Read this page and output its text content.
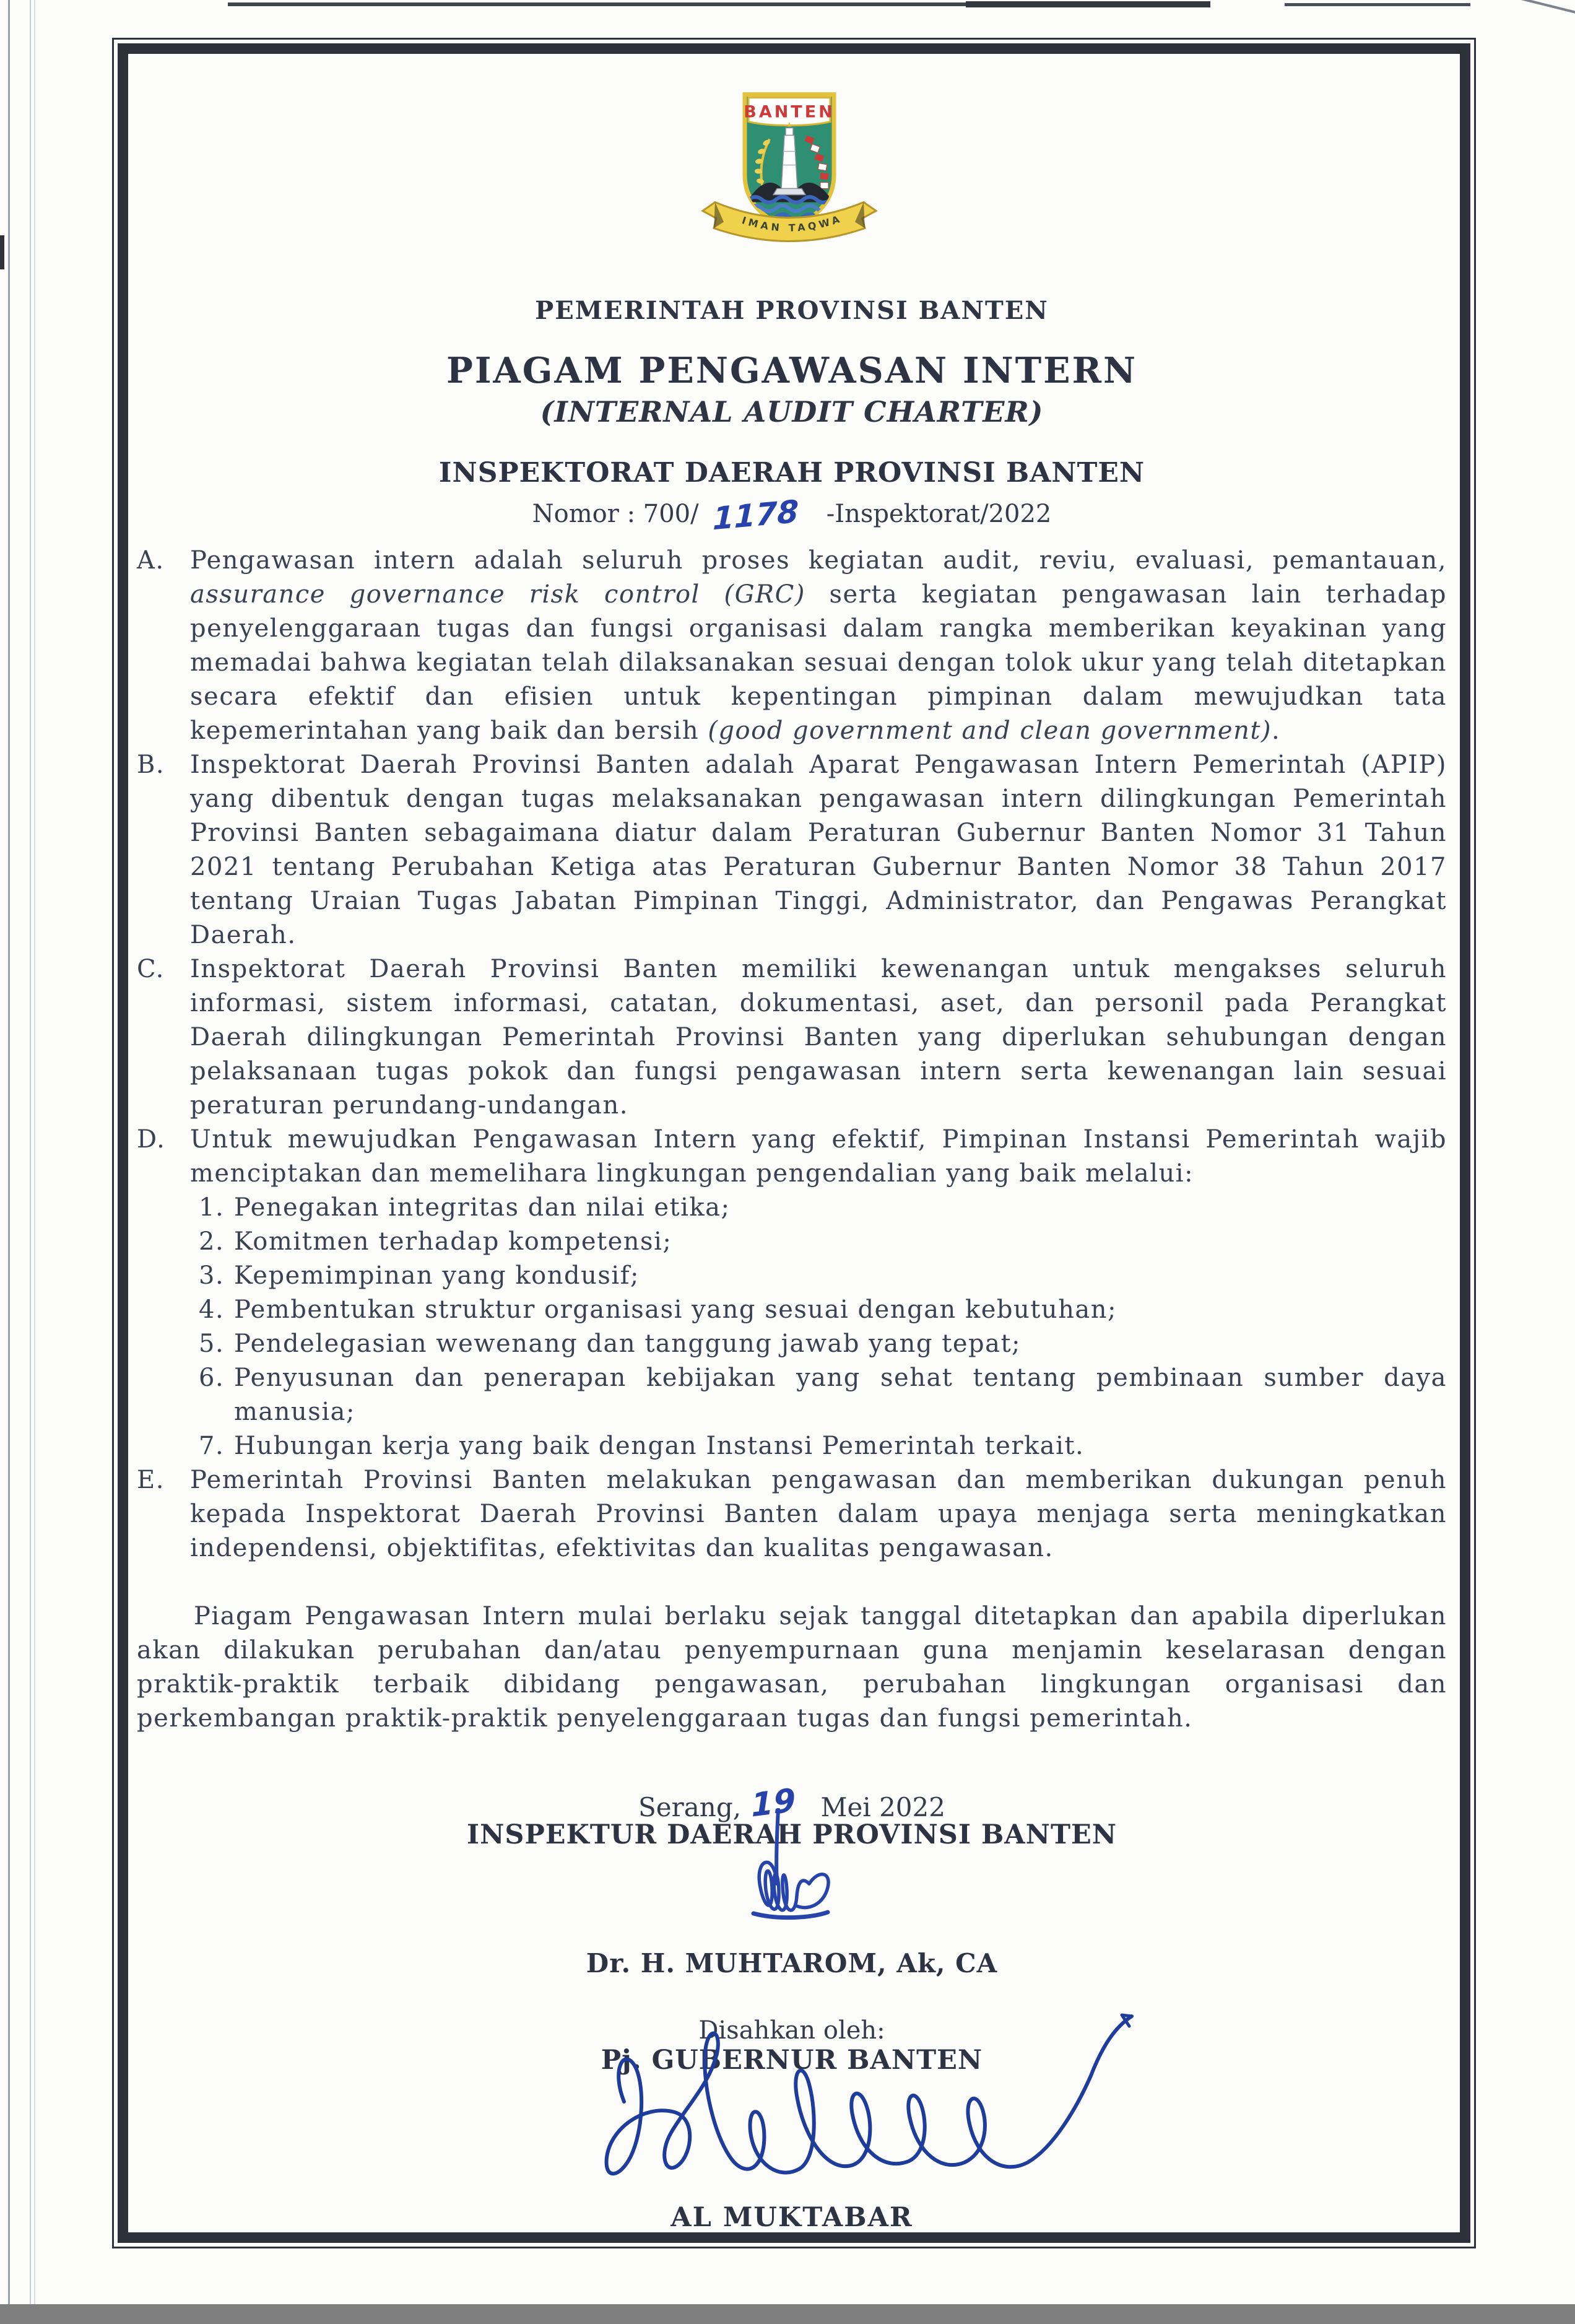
BANTEN
IMAN TAQWA
PEMERINTAH PROVINSI BANTEN
PIAGAM PENGAWASAN INTERN
(INTERNAL AUDIT CHARTER)
INSPEKTORAT DAERAH PROVINSI BANTEN
Nomor : 700/ 1178 -Inspektorat/2022
A.	Pengawasan intern adalah seluruh proses kegiatan audit, reviu, evaluasi, pemantauan, assurance governance risk control (GRC) serta kegiatan pengawasan lain terhadap penyelenggaraan tugas dan fungsi organisasi dalam rangka memberikan keyakinan yang memadai bahwa kegiatan telah dilaksanakan sesuai dengan tolok ukur yang telah ditetapkan secara efektif dan efisien untuk kepentingan pimpinan dalam mewujudkan tata kepemerintahan yang baik dan bersih (good government and clean government).
B.	Inspektorat Daerah Provinsi Banten adalah Aparat Pengawasan Intern Pemerintah (APIP) yang dibentuk dengan tugas melaksanakan pengawasan intern dilingkungan Pemerintah Provinsi Banten sebagaimana diatur dalam Peraturan Gubernur Banten Nomor 31 Tahun 2021 tentang Perubahan Ketiga atas Peraturan Gubernur Banten Nomor 38 Tahun 2017 tentang Uraian Tugas Jabatan Pimpinan Tinggi, Administrator, dan Pengawas Perangkat Daerah.
C.	Inspektorat Daerah Provinsi Banten memiliki kewenangan untuk mengakses seluruh informasi, sistem informasi, catatan, dokumentasi, aset, dan personil pada Perangkat Daerah dilingkungan Pemerintah Provinsi Banten yang diperlukan sehubungan dengan pelaksanaan tugas pokok dan fungsi pengawasan intern serta kewenangan lain sesuai peraturan perundang-undangan.
D. Untuk mewujudkan Pengawasan Intern yang efektif, Pimpinan Instansi Pemerintah wajib menciptakan dan memelihara lingkungan pengendalian yang baik melalui:
1. Penegakan integritas dan nilai etika;
2. Komitmen terhadap kompetensi;
3. Kepemimpinan yang kondusif;
4. Pembentukan struktur organisasi yang sesuai dengan kebutuhan;
5. Pendelegasian wewenang dan tanggung jawab yang tepat;
6. Penyusunan dan penerapan kebijakan yang sehat tentang pembinaan sumber daya manusia;
7. Hubungan kerja yang baik dengan Instansi Pemerintah terkait.
E.	Pemerintah Provinsi Banten melakukan pengawasan dan memberikan dukungan penuh kepada Inspektorat Daerah Provinsi Banten dalam upaya menjaga serta meningkatkan independensi, objektifitas, efektivitas dan kualitas pengawasan.
Piagam Pengawasan Intern mulai berlaku sejak tanggal ditetapkan dan apabila diperlukan akan dilakukan perubahan dan/atau penyempurnaan guna menjamin keselarasan dengan praktik-praktik terbaik dibidang pengawasan, perubahan lingkungan organisasi dan perkembangan praktik-praktik penyelenggaraan tugas dan fungsi pemerintah.
Serang, 19 Mei 2022
INSPEKTUR DAERAH PROVINSI BANTEN
Dr. H. MUHTAROM, Ak, CA
Disahkan oleh:
Pj. GUBERNUR BANTEN
AL MUKTABAR
